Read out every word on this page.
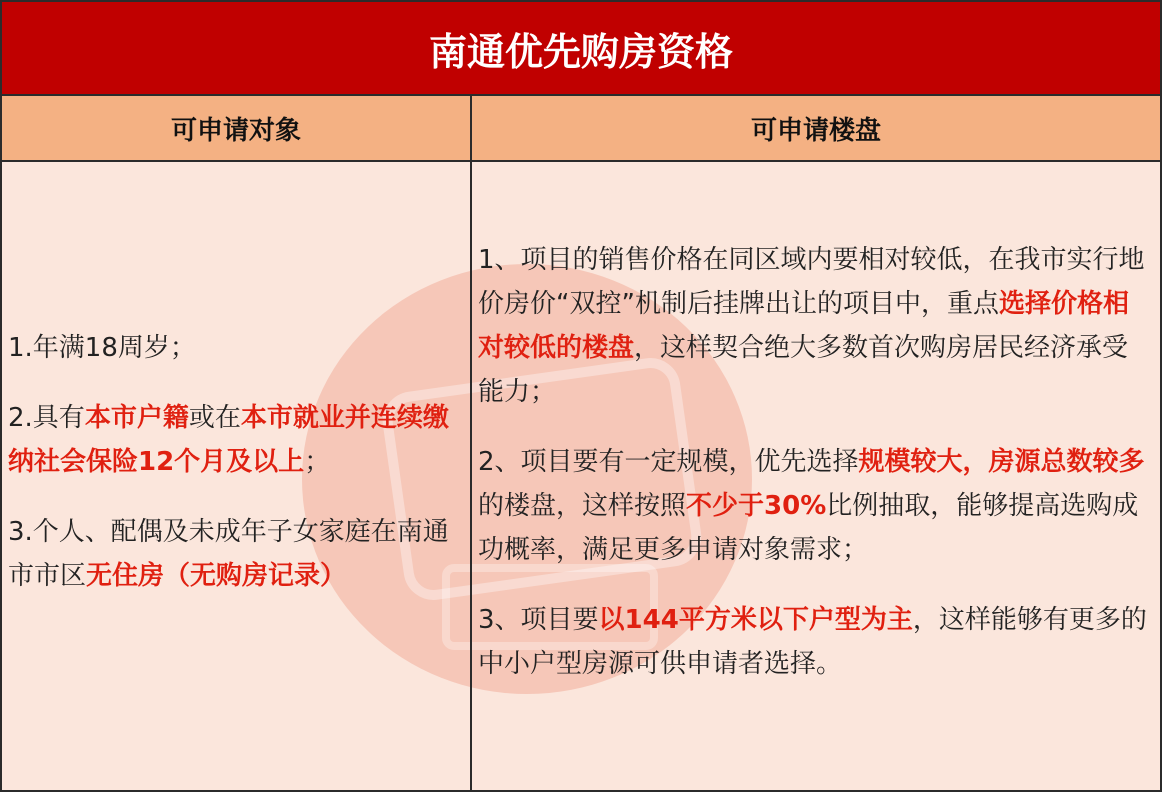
南通优先购房资格
可申请对象	可申请楼盘

1.年满18周岁；

2.具有本市户籍或在本市就业并连续缴纳社会保险12个月及以上；

3.个人、配偶及未成年子女家庭在南通市市区无住房（无购房记录）

1、项目的销售价格在同区域内要相对较低，在我市实行地价房价“双控”机制后挂牌出让的项目中，重点选择价格相对较低的楼盘，这样契合绝大多数首次购房居民经济承受能力；

2、项目要有一定规模，优先选择规模较大，房源总数较多的楼盘，这样按照不少于30%比例抽取，能够提高选购成功概率，满足更多申请对象需求；

3、项目要以144平方米以下户型为主，这样能够有更多的中小户型房源可供申请者选择。
